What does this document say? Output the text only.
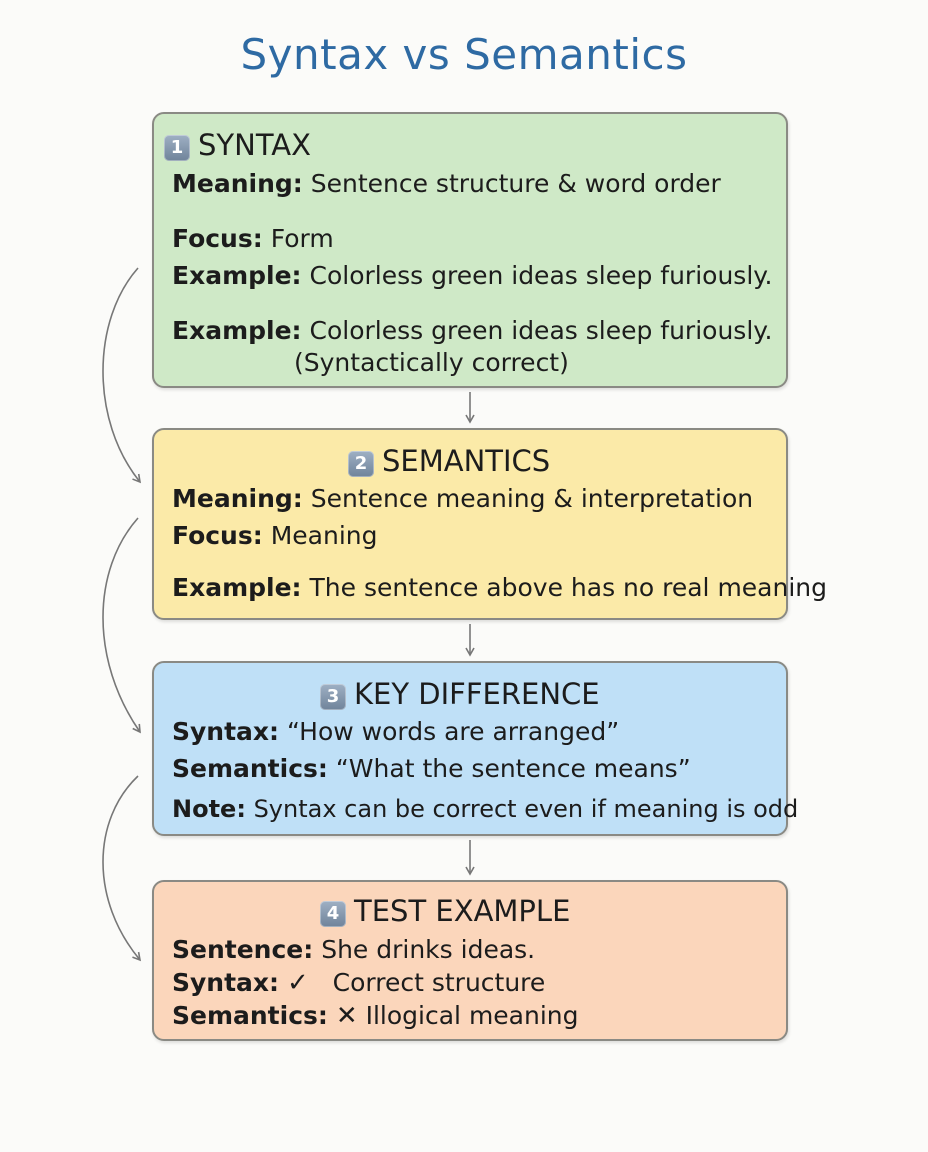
Syntax vs Semantics
1 SYNTAX
Meaning: Sentence structure & word order
Focus: Form
Example: Colorless green ideas sleep furiously.
Example: Colorless green ideas sleep furiously.
(Syntactically correct)
2 SEMANTICS
Meaning: Sentence meaning & interpretation
Focus: Meaning
Example: The sentence above has no real meaning
3 KEY DIFFERENCE
Syntax: “How words are arranged”
Semantics: “What the sentence means”
Note: Syntax can be correct even if meaning is odd
4 TEST EXAMPLE
Sentence: She drinks ideas.
Syntax: ✓ Correct structure
Semantics: ✕ Illogical meaning
